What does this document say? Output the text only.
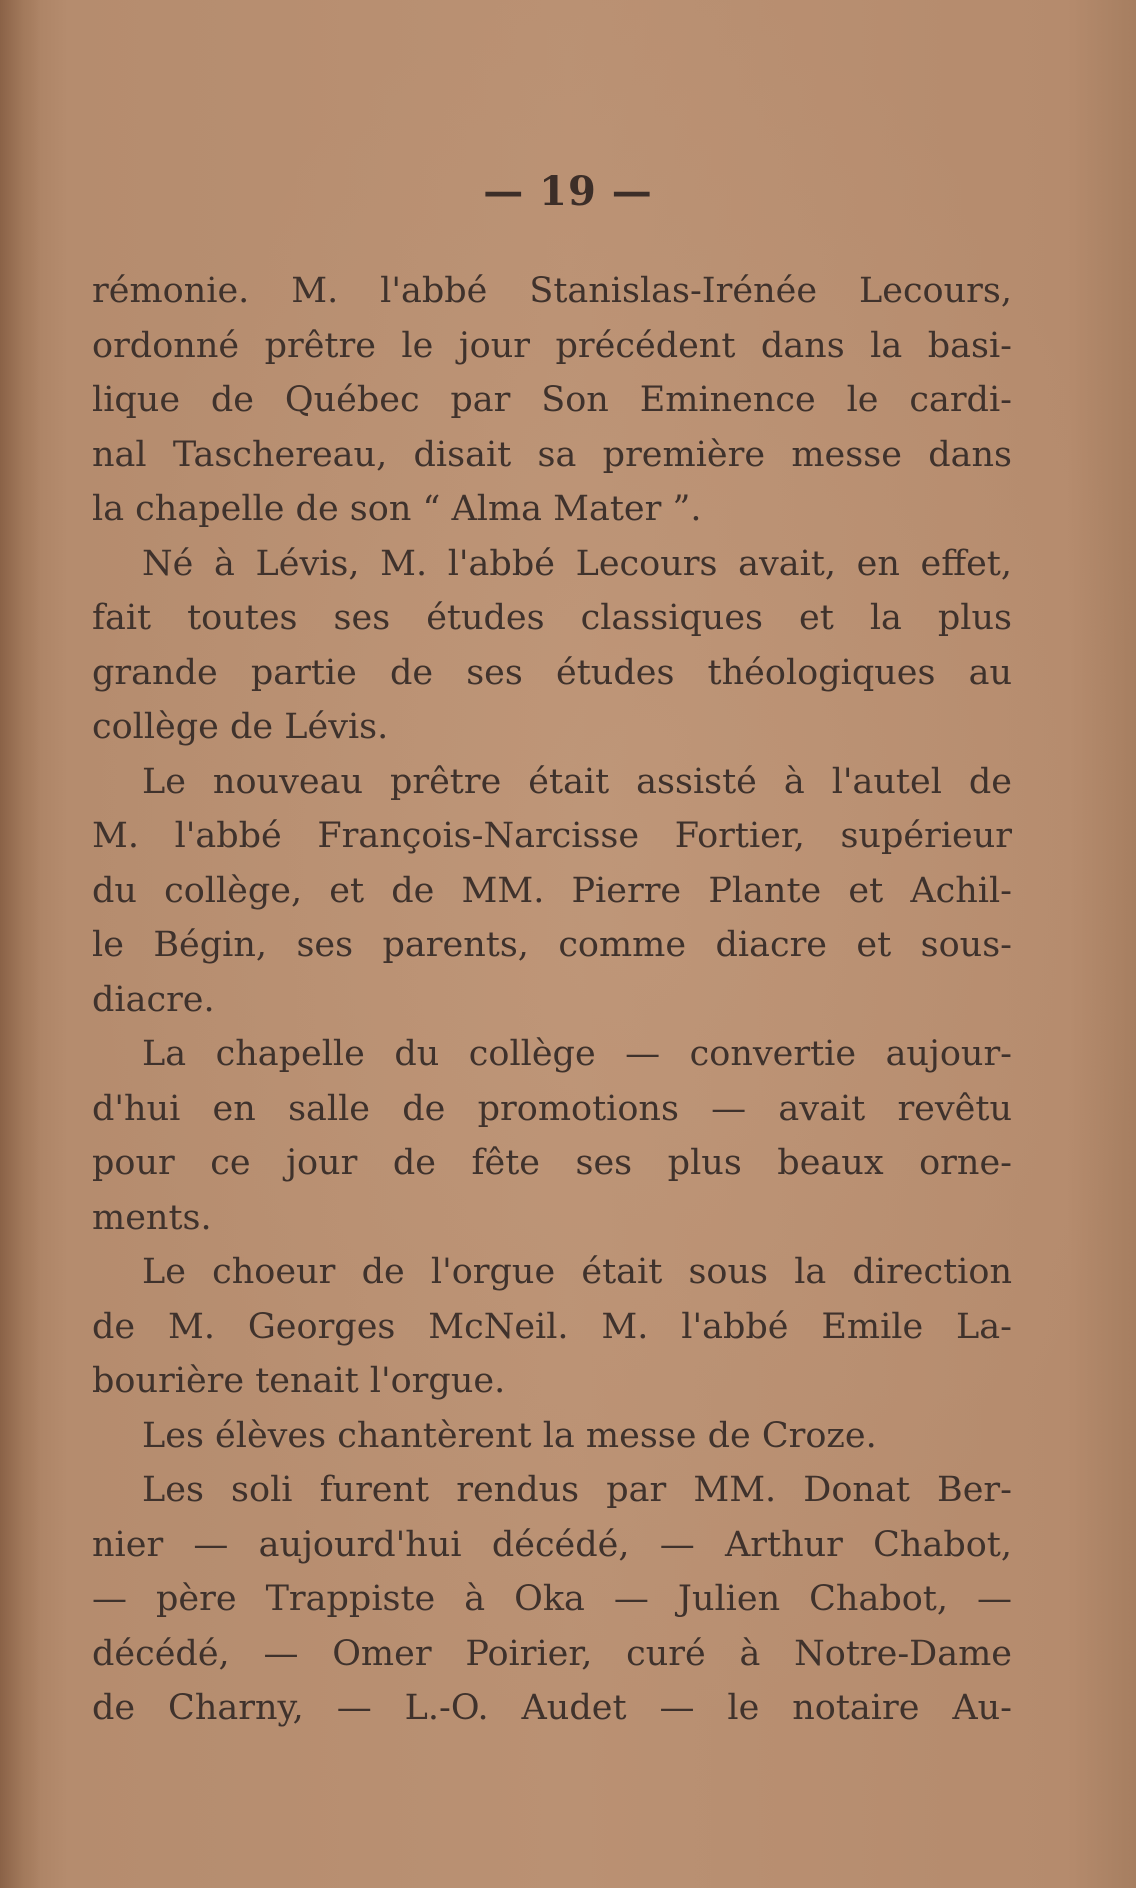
— 19 —
rémonie. M. l'abbé Stanislas-Irénée Lecours,
ordonné prêtre le jour précédent dans la basi-
lique de Québec par Son Eminence le cardi-
nal Taschereau, disait sa première messe dans
la chapelle de son “ Alma Mater ”.
Né à Lévis, M. l'abbé Lecours avait, en effet,
fait toutes ses études classiques et la plus
grande partie de ses études théologiques au
collège de Lévis.
Le nouveau prêtre était assisté à l'autel de
M. l'abbé François-Narcisse Fortier, supérieur
du collège, et de MM. Pierre Plante et Achil-
le Bégin, ses parents, comme diacre et sous-
diacre.
La chapelle du collège — convertie aujour-
d'hui en salle de promotions — avait revêtu
pour ce jour de fête ses plus beaux orne-
ments.
Le choeur de l'orgue était sous la direction
de M. Georges McNeil. M. l'abbé Emile La-
bourière tenait l'orgue.
Les élèves chantèrent la messe de Croze.
Les soli furent rendus par MM. Donat Ber-
nier — aujourd'hui décédé, — Arthur Chabot,
— père Trappiste à Oka — Julien Chabot, —
décédé, — Omer Poirier, curé à Notre-Dame
de Charny, — L.-O. Audet — le notaire Au-
